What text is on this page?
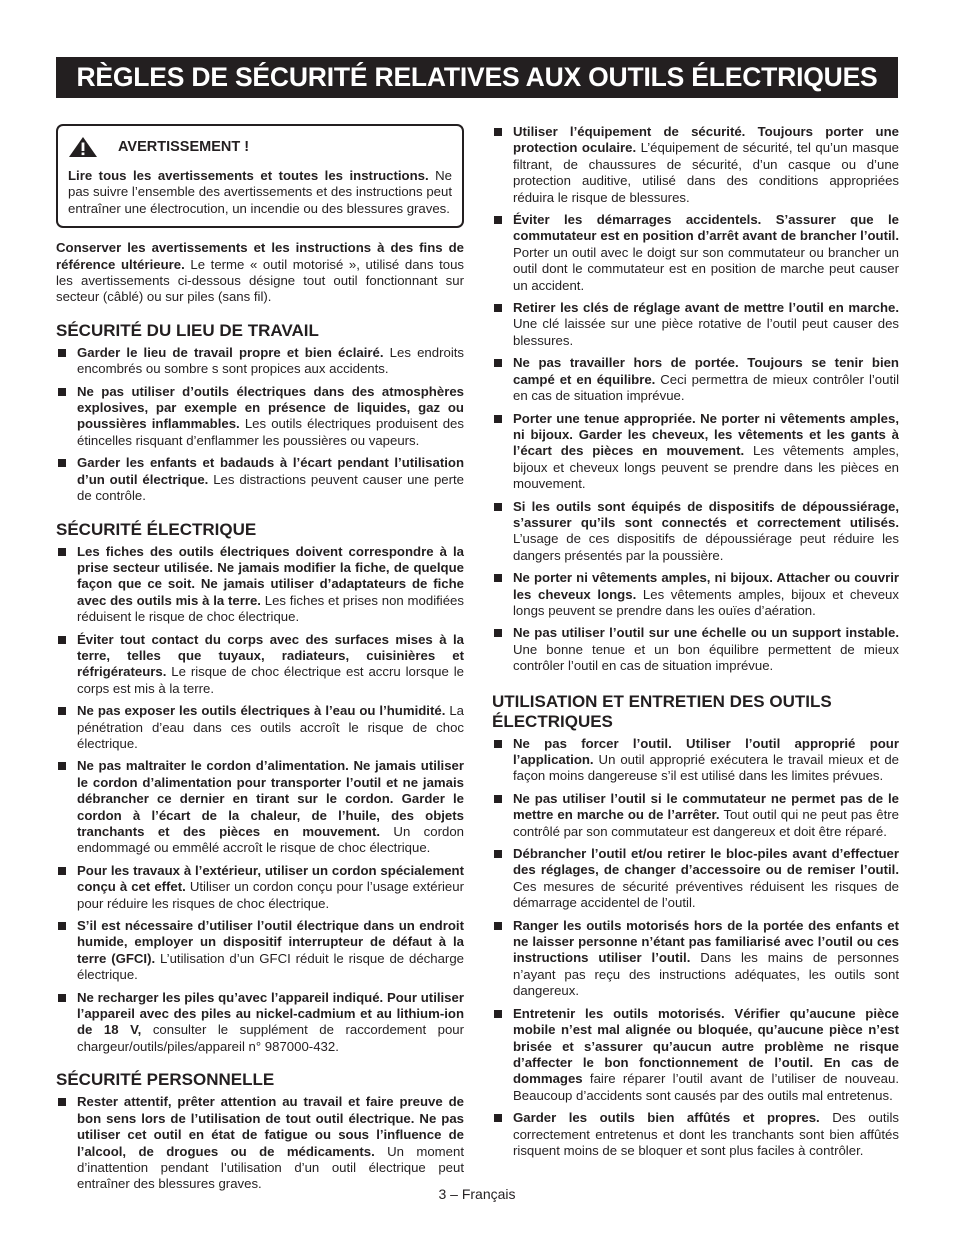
RÈGLES DE SÉCURITÉ RELATIVES AUX OUTILS ÉLECTRIQUES
AVERTISSEMENT !

Lire tous les avertissements et toutes les instructions. Ne pas suivre l’ensemble des avertissements et des instructions peut entraîner une électrocution, un incendie ou des blessures graves.

Conserver les avertissements et les instructions à des fins de référence ultérieure. Le terme « outil motorisé », utilisé dans tous les avertissements ci-dessous désigne tout outil fonctionnant sur secteur (câblé) ou sur piles (sans fil).

SÉCURITÉ DU LIEU DE TRAVAIL
Garder le lieu de travail propre et bien éclairé. Les endroits encombrés ou sombre s sont propices aux accidents.
Ne pas utiliser d’outils électriques dans des atmosphères explosives, par exemple en présence de liquides, gaz ou poussières inflammables. Les outils électriques produisent des étincelles risquant d’enflammer les poussières ou vapeurs.
Garder les enfants et badauds à l’écart pendant l’utilisation d’un outil électrique. Les distractions peuvent causer une perte de contrôle.
SÉCURITÉ ÉLECTRIQUE
Les fiches des outils électriques doivent correspondre à la prise secteur utilisée. Ne jamais modifier la fiche, de quelque façon que ce soit. Ne jamais utiliser d’adaptateurs de fiche avec des outils mis à la terre. Les fiches et prises non modifiées réduisent le risque de choc électrique.
Éviter tout contact du corps avec des surfaces mises à la terre, telles que tuyaux, radiateurs, cuisinières et réfrigérateurs. Le risque de choc électrique est accru lorsque le corps est mis à la terre.
Ne pas exposer les outils électriques à l’eau ou l’humidité. La pénétration d’eau dans ces outils accroît le risque de choc électrique.
Ne pas maltraiter le cordon d’alimentation. Ne jamais utiliser le cordon d’alimentation pour transporter l’outil et ne jamais débrancher ce dernier en tirant sur le cordon. Garder le cordon à l’écart de la chaleur, de l’huile, des objets tranchants et des pièces en mouvement. Un cordon endommagé ou emmêlé accroît le risque de choc électrique.
Pour les travaux à l’extérieur, utiliser un cordon spécialement conçu à cet effet. Utiliser un cordon conçu pour l’usage extérieur pour réduire les risques de choc électrique.
S’il est nécessaire d’utiliser l’outil électrique dans un endroit humide, employer un dispositif interrupteur de défaut à la terre (GFCI). L’utilisation d’un GFCI réduit le risque de décharge électrique.
Ne recharger les piles qu’avec l’appareil indiqué. Pour utiliser l’appareil avec des piles au nickel-cadmium et au lithium-ion de 18 V, consulter le supplément de raccordement pour chargeur/outils/piles/appareil n° 987000-432.
SÉCURITÉ PERSONNELLE
Rester attentif, prêter attention au travail et faire preuve de bon sens lors de l’utilisation de tout outil électrique. Ne pas utiliser cet outil en état de fatigue ou sous l’influence de l’alcool, de drogues ou de médicaments. Un moment d’inattention pendant l’utilisation d’un outil électrique peut entraîner des blessures graves.
Utiliser l’équipement de sécurité. Toujours porter une protection oculaire. L’équipement de sécurité, tel qu’un masque filtrant, de chaussures de sécurité, d’un casque ou d’une protection auditive, utilisé dans des conditions appropriées réduira le risque de blessures.
Éviter les démarrages accidentels. S’assurer que le commutateur est en position d’arrêt avant de brancher l’outil. Porter un outil avec le doigt sur son commutateur ou brancher un outil dont le commutateur est en position de marche peut causer un accident.
Retirer les clés de réglage avant de mettre l’outil en marche. Une clé laissée sur une pièce rotative de l’outil peut causer des blessures.
Ne pas travailler hors de portée. Toujours se tenir bien campé et en équilibre. Ceci permettra de mieux contrôler l’outil en cas de situation imprévue.
Porter une tenue appropriée. Ne porter ni vêtements amples, ni bijoux. Garder les cheveux, les vêtements et les gants à l’écart des pièces en mouvement. Les vêtements amples, bijoux et cheveux longs peuvent se prendre dans les pièces en mouvement.
Si les outils sont équipés de dispositifs de dépoussiérage, s’assurer qu’ils sont connectés et correctement utilisés. L’usage de ces dispositifs de dépoussiérage peut réduire les dangers présentés par la poussière.
Ne porter ni vêtements amples, ni bijoux. Attacher ou couvrir les cheveux longs. Les vêtements amples, bijoux et cheveux longs peuvent se prendre dans les ouïes d’aération.
Ne pas utiliser l’outil sur une échelle ou un support instable. Une bonne tenue et un bon équilibre permettent de mieux contrôler l’outil en cas de situation imprévue.
UTILISATION ET ENTRETIEN DES OUTILS ÉLECTRIQUES
Ne pas forcer l’outil. Utiliser l’outil approprié pour l’application. Un outil approprié exécutera le travail mieux et de façon moins dangereuse s’il est utilisé dans les limites prévues.
Ne pas utiliser l’outil si le commutateur ne permet pas de le mettre en marche ou de l’arrêter. Tout outil qui ne peut pas être contrôlé par son commutateur est dangereux et doit être réparé.
Débrancher l’outil et/ou retirer le bloc-piles avant d’effectuer des réglages, de changer d’accessoire ou de remiser l’outil. Ces mesures de sécurité préventives réduisent les risques de démarrage accidentel de l’outil.
Ranger les outils motorisés hors de la portée des enfants et ne laisser personne n’étant pas familiarisé avec l’outil ou ces instructions utiliser l’outil. Dans les mains de personnes n’ayant pas reçu des instructions adéquates, les outils sont dangereux.
Entretenir les outils motorisés. Vérifier qu’aucune pièce mobile n’est mal alignée ou bloquée, qu’aucune pièce n’est brisée et s’assurer qu’aucun autre problème ne risque d’affecter le bon fonctionnement de l’outil. En cas de dommages faire réparer l’outil avant de l’utiliser de nouveau. Beaucoup d’accidents sont causés par des outils mal entretenus.
Garder les outils bien affûtés et propres. Des outils correctement entretenus et dont les tranchants sont bien affûtés risquent moins de se bloquer et sont plus faciles à contrôler.
3 – Français
